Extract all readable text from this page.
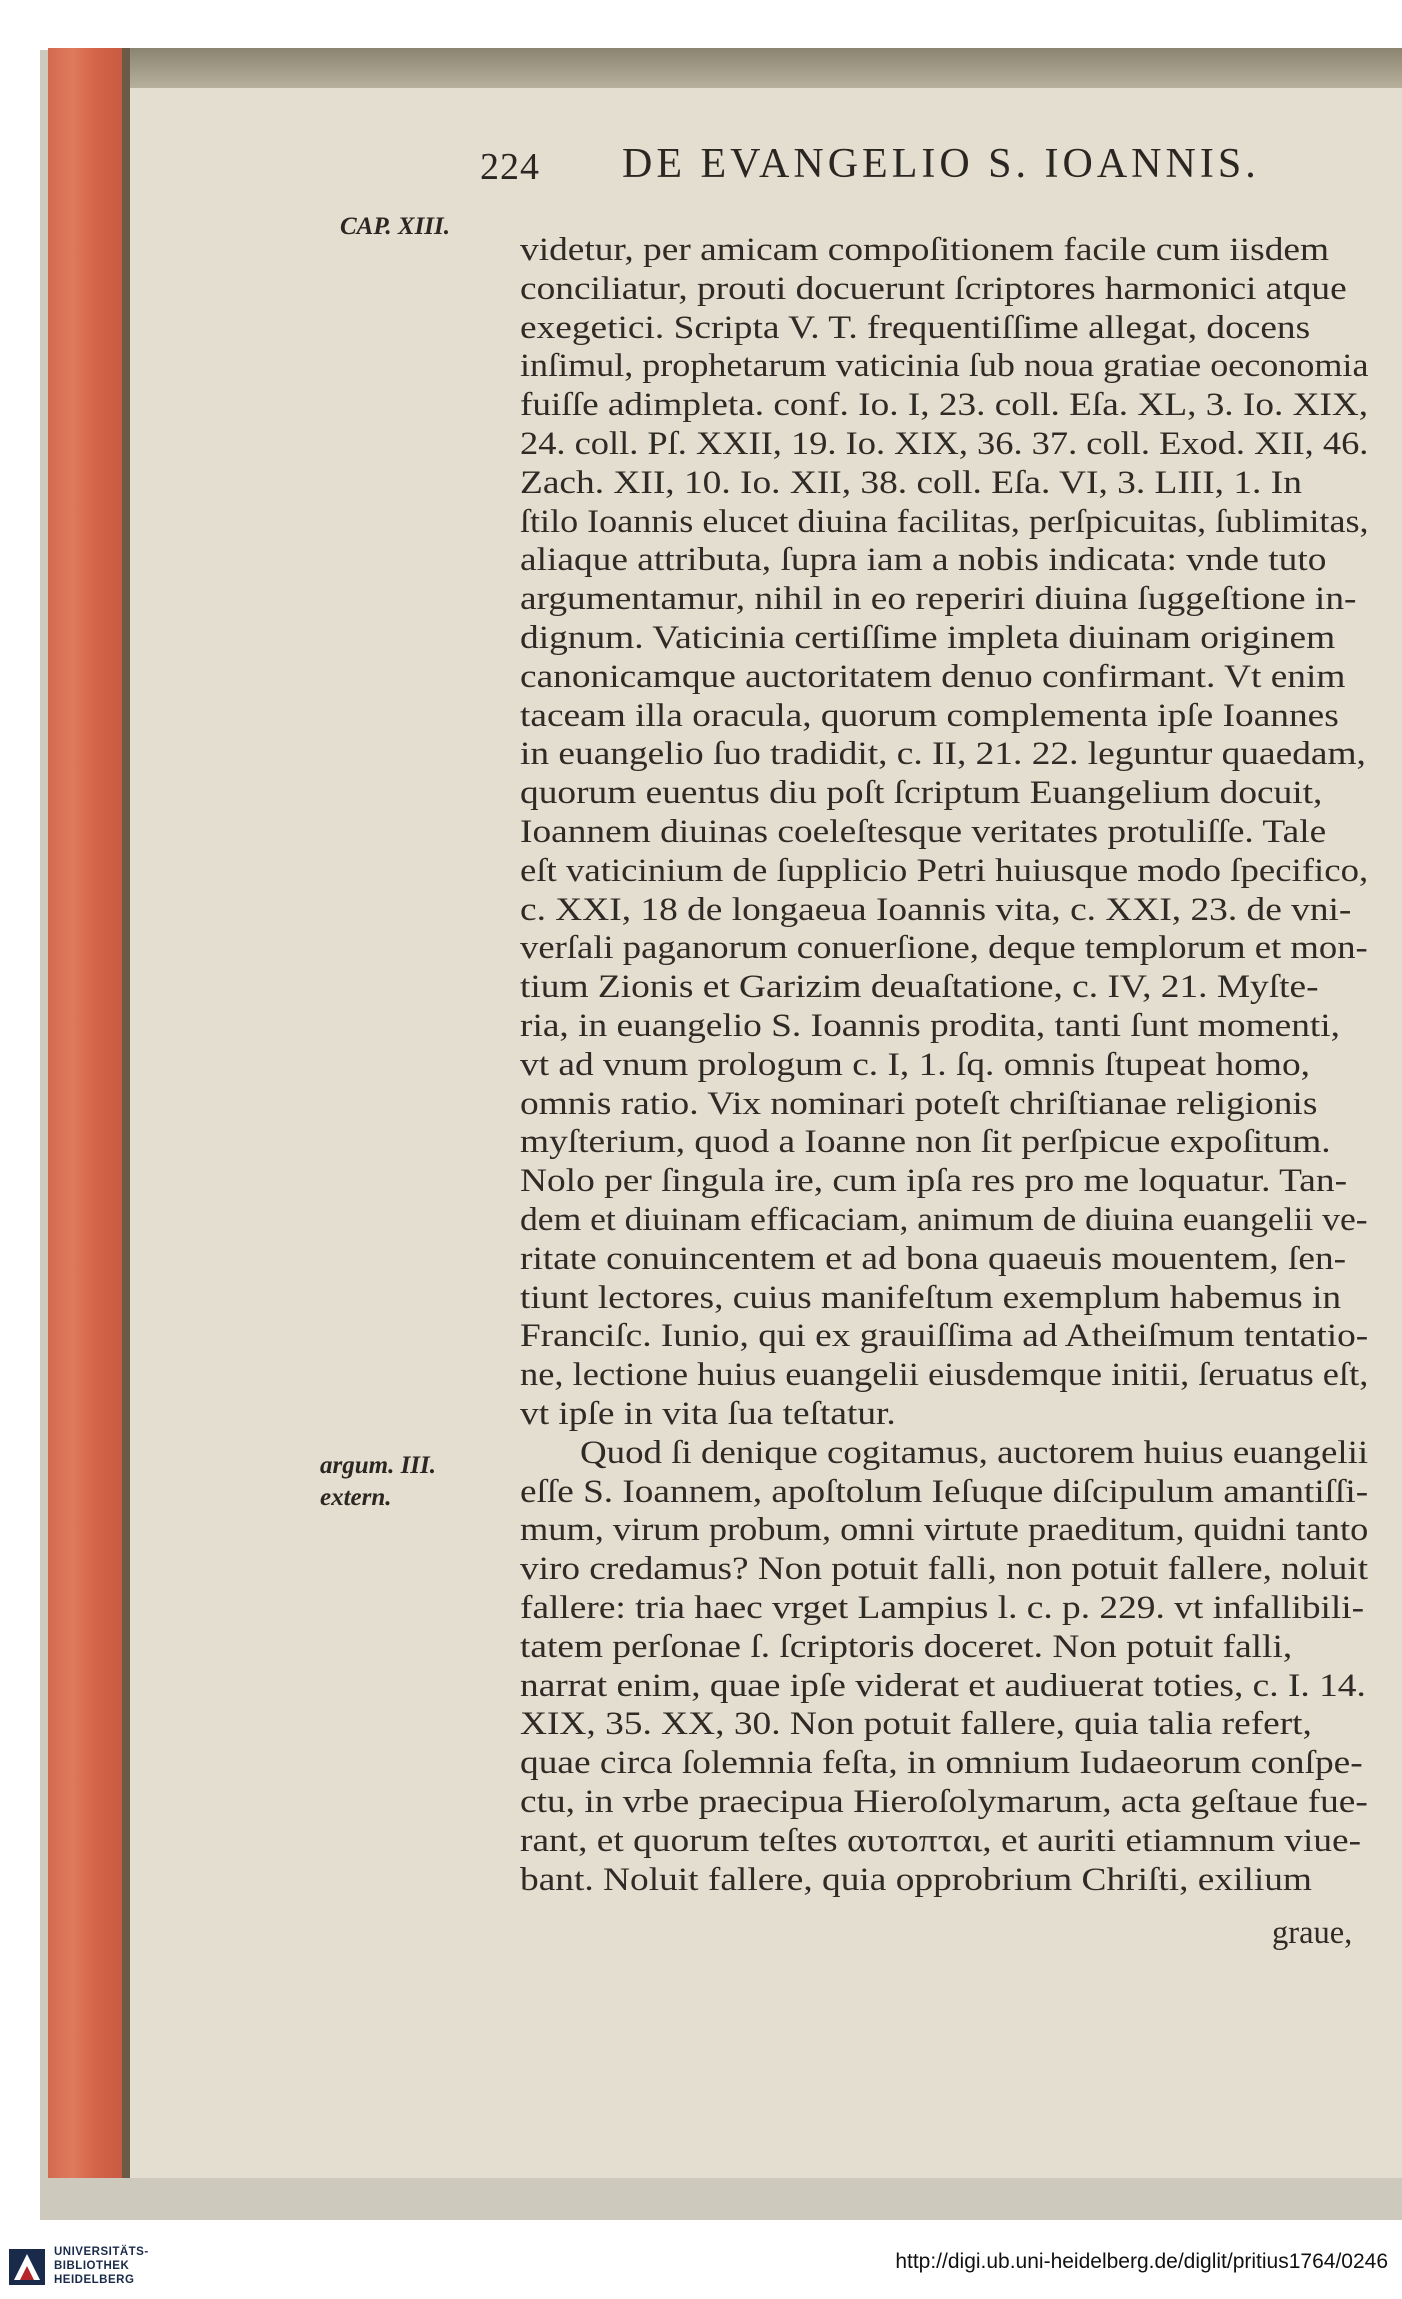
224 DE EVANGELIO S. IOANNIS.
CAP. XIII.
argum. III.
extern.
videtur, per amicam compoſitionem facile cum iisdem
conciliatur, prouti docuerunt ſcriptores harmonici atque
exegetici. Scripta V. T. frequentiſſime allegat, docens
inſimul, prophetarum vaticinia ſub noua gratiae oeconomia
fuiſſe adimpleta. conf. Io. I, 23. coll. Eſa. XL, 3. Io. XIX,
24. coll. Pſ. XXII, 19. Io. XIX, 36. 37. coll. Exod. XII, 46.
Zach. XII, 10. Io. XII, 38. coll. Eſa. VI, 3. LIII, 1. In
ſtilo Ioannis elucet diuina facilitas, perſpicuitas, ſublimitas,
aliaque attributa, ſupra iam a nobis indicata: vnde tuto
argumentamur, nihil in eo reperiri diuina ſuggeſtione in-
dignum. Vaticinia certiſſime impleta diuinam originem
canonicamque auctoritatem denuo confirmant. Vt enim
taceam illa oracula, quorum complementa ipſe Ioannes
in euangelio ſuo tradidit, c. II, 21. 22. leguntur quaedam,
quorum euentus diu poſt ſcriptum Euangelium docuit,
Ioannem diuinas coeleſtesque veritates protuliſſe. Tale
eſt vaticinium de ſupplicio Petri huiusque modo ſpecifico,
c. XXI, 18 de longaeua Ioannis vita, c. XXI, 23. de vni-
verſali paganorum conuerſione, deque templorum et mon-
tium Zionis et Garizim deuaſtatione, c. IV, 21. Myſte-
ria, in euangelio S. Ioannis prodita, tanti ſunt momenti,
vt ad vnum prologum c. I, 1. ſq. omnis ſtupeat homo,
omnis ratio. Vix nominari poteſt chriſtianae religionis
myſterium, quod a Ioanne non ſit perſpicue expoſitum.
Nolo per ſingula ire, cum ipſa res pro me loquatur. Tan-
dem et diuinam efficaciam, animum de diuina euangelii ve-
ritate conuincentem et ad bona quaeuis mouentem, ſen-
tiunt lectores, cuius manifeſtum exemplum habemus in
Franciſc. Iunio, qui ex grauiſſima ad Atheiſmum tentatio-
ne, lectione huius euangelii eiusdemque initii, ſeruatus eſt,
vt ipſe in vita ſua teſtatur.
Quod ſi denique cogitamus, auctorem huius euangelii
eſſe S. Ioannem, apoſtolum Ieſuque diſcipulum amantiſſi-
mum, virum probum, omni virtute praeditum, quidni tanto
viro credamus? Non potuit falli, non potuit fallere, noluit
fallere: tria haec vrget Lampius l. c. p. 229. vt infallibili-
tatem perſonae ſ. ſcriptoris doceret. Non potuit falli,
narrat enim, quae ipſe viderat et audiuerat toties, c. I. 14.
XIX, 35. XX, 30. Non potuit fallere, quia talia refert,
quae circa ſolemnia feſta, in omnium Iudaeorum conſpe-
ctu, in vrbe praecipua Hieroſolymarum, acta geſtaue fue-
rant, et quorum teſtes αυτοπται, et auriti etiamnum viue-
bant. Noluit fallere, quia opprobrium Chriſti, exilium
graue,
UNIVERSITÄTS-
BIBLIOTHEK
HEIDELBERG
http://digi.ub.uni-heidelberg.de/diglit/pritius1764/0246
